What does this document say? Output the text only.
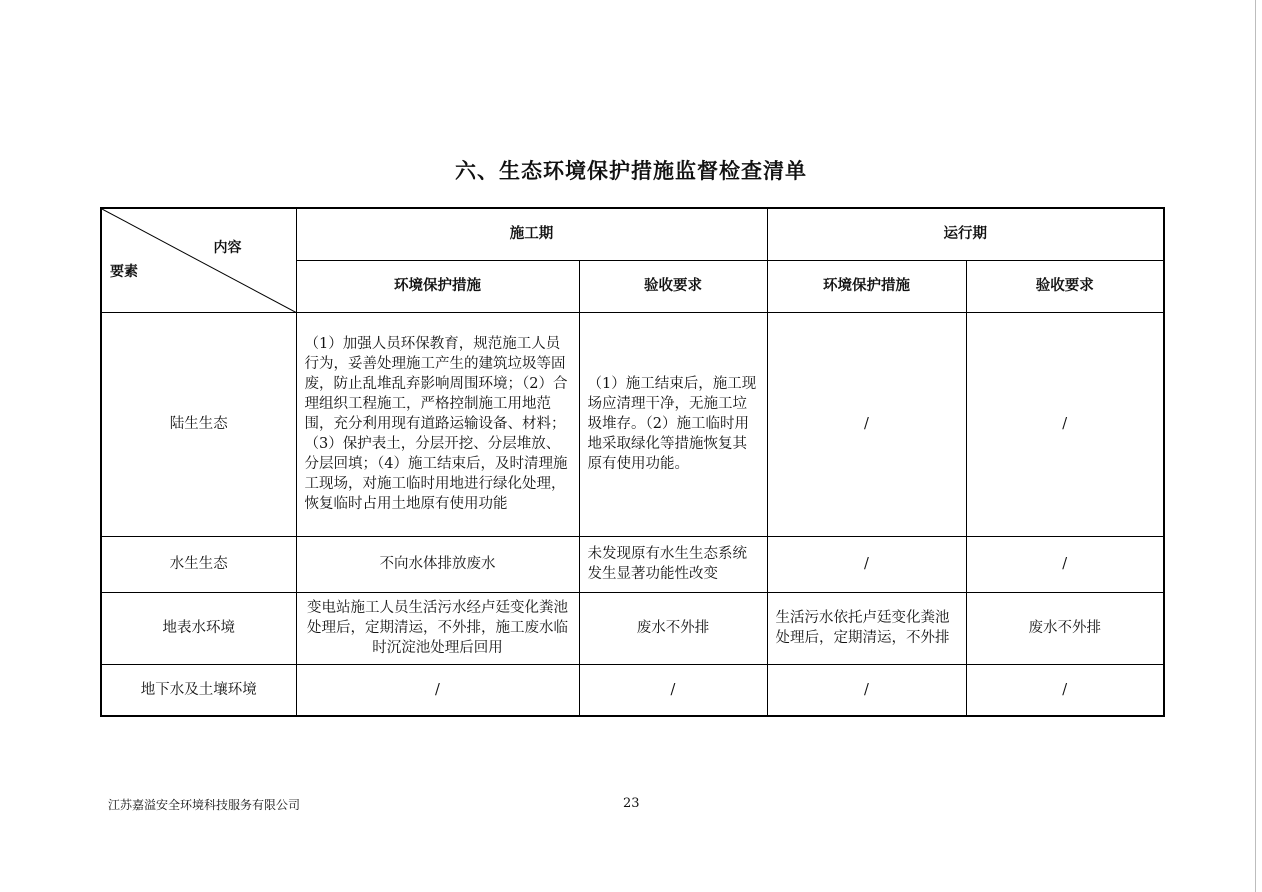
六、生态环境保护措施监督检查清单
内容
要素	施工期		运行期	
	环境保护措施	验收要求	环境保护措施	验收要求
陆生生态	（1）加强人员环保教育，规范施工人员行为，妥善处理施工产生的建筑垃圾等固废，防止乱堆乱弃影响周围环境；（2）合理组织工程施工，严格控制施工用地范围，充分利用现有道路运输设备、材料；（3）保护表土，分层开挖、分层堆放、分层回填；（4）施工结束后，及时清理施工现场，对施工临时用地进行绿化处理，恢复临时占用土地原有使用功能	（1）施工结束后，施工现场应清理干净，无施工垃圾堆存。（2）施工临时用地采取绿化等措施恢复其原有使用功能。	/	/
水生生态	不向水体排放废水	未发现原有水生生态系统发生显著功能性改变	/	/
地表水环境	变电站施工人员生活污水经卢廷变化粪池处理后，定期清运，不外排，施工废水临时沉淀池处理后回用	废水不外排	生活污水依托卢廷变化粪池处理后，定期清运，不外排	废水不外排
地下水及土壤环境	/	/	/	/
江苏嘉溢安全环境科技服务有限公司	23
